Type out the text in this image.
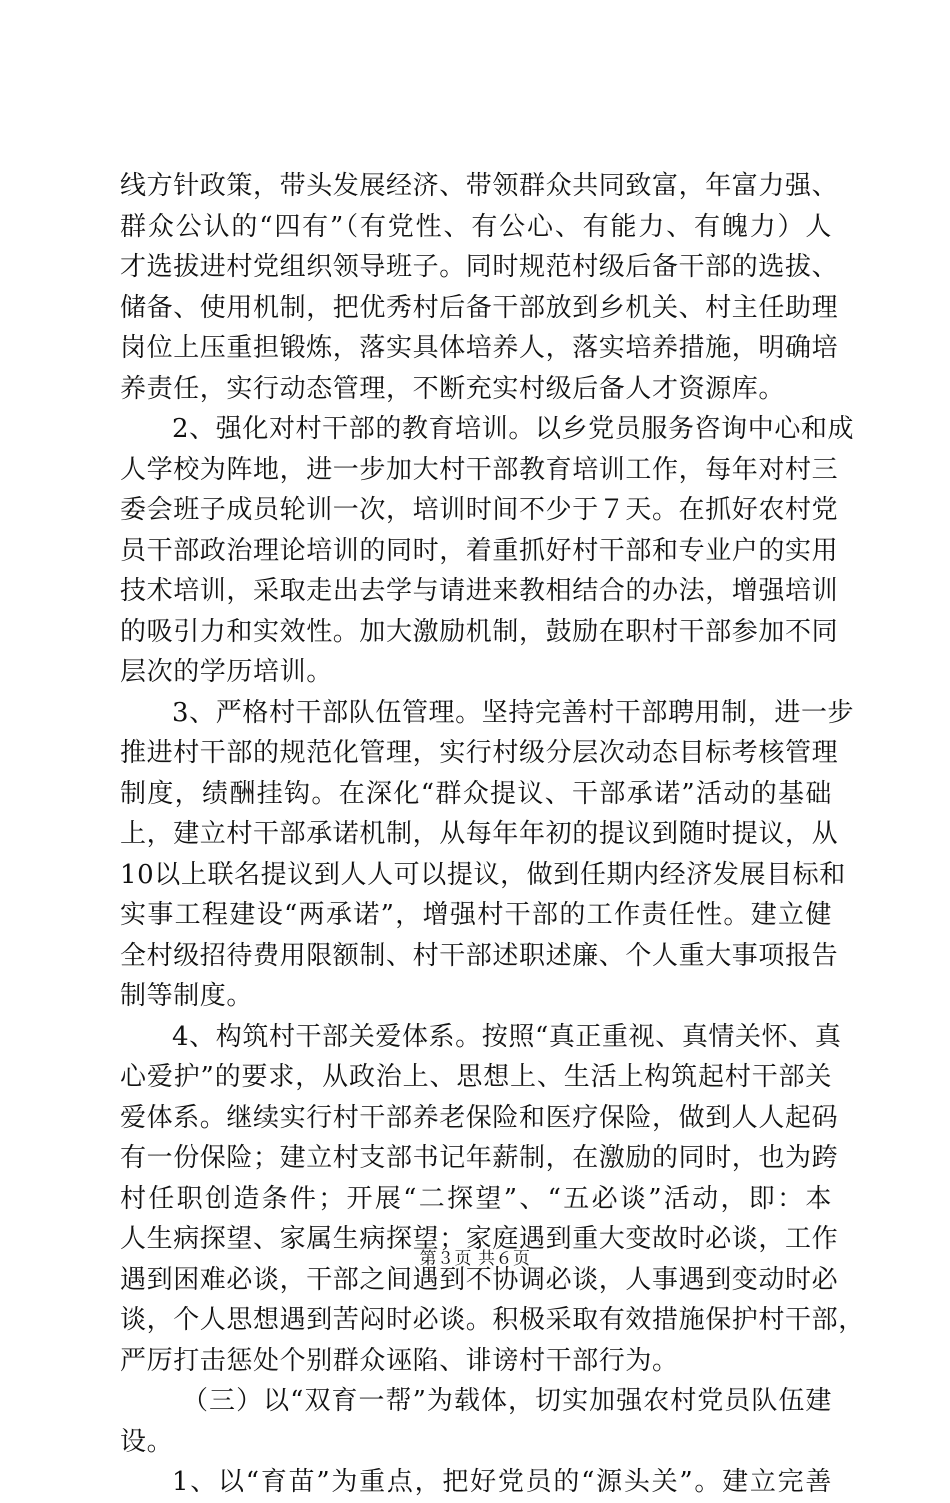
线方针政策，带头发展经济、带领群众共同致富，年富力强、
群众公认的“四有”（有党性、有公心、有能力、有魄力）人
才选拔进村党组织领导班子。同时规范村级后备干部的选拔、
储备、使用机制，把优秀村后备干部放到乡机关、村主任助理
岗位上压重担锻炼，落实具体培养人，落实培养措施，明确培
养责任，实行动态管理，不断充实村级后备人才资源库。
2、强化对村干部的教育培训。以乡党员服务咨询中心和成
人学校为阵地，进一步加大村干部教育培训工作，每年对村三
委会班子成员轮训一次，培训时间不少于７天。在抓好农村党
员干部政治理论培训的同时，着重抓好村干部和专业户的实用
技术培训，采取走出去学与请进来教相结合的办法，增强培训
的吸引力和实效性。加大激励机制，鼓励在职村干部参加不同
层次的学历培训。
3、严格村干部队伍管理。坚持完善村干部聘用制，进一步
推进村干部的规范化管理，实行村级分层次动态目标考核管理
制度，绩酬挂钩。在深化“群众提议、干部承诺”活动的基础
上，建立村干部承诺机制，从每年年初的提议到随时提议，从
10以上联名提议到人人可以提议，做到任期内经济发展目标和
实事工程建设“两承诺”，增强村干部的工作责任性。建立健
全村级招待费用限额制、村干部述职述廉、个人重大事项报告
制等制度。
4、构筑村干部关爱体系。按照“真正重视、真情关怀、真
心爱护”的要求，从政治上、思想上、生活上构筑起村干部关
爱体系。继续实行村干部养老保险和医疗保险，做到人人起码
有一份保险；建立村支部书记年薪制，在激励的同时，也为跨
村任职创造条件；开展“二探望”、“五必谈”活动，即：本
人生病探望、家属生病探望；家庭遇到重大变故时必谈，工作
遇到困难必谈，干部之间遇到不协调必谈，人事遇到变动时必
谈，个人思想遇到苦闷时必谈。积极采取有效措施保护村干部，
严厉打击惩处个别群众诬陷、诽谤村干部行为。
（三）以“双育一帮”为载体，切实加强农村党员队伍建
设。
1、以“育苗”为重点，把好党员的“源头关”。建立完善
第３页 共６页
